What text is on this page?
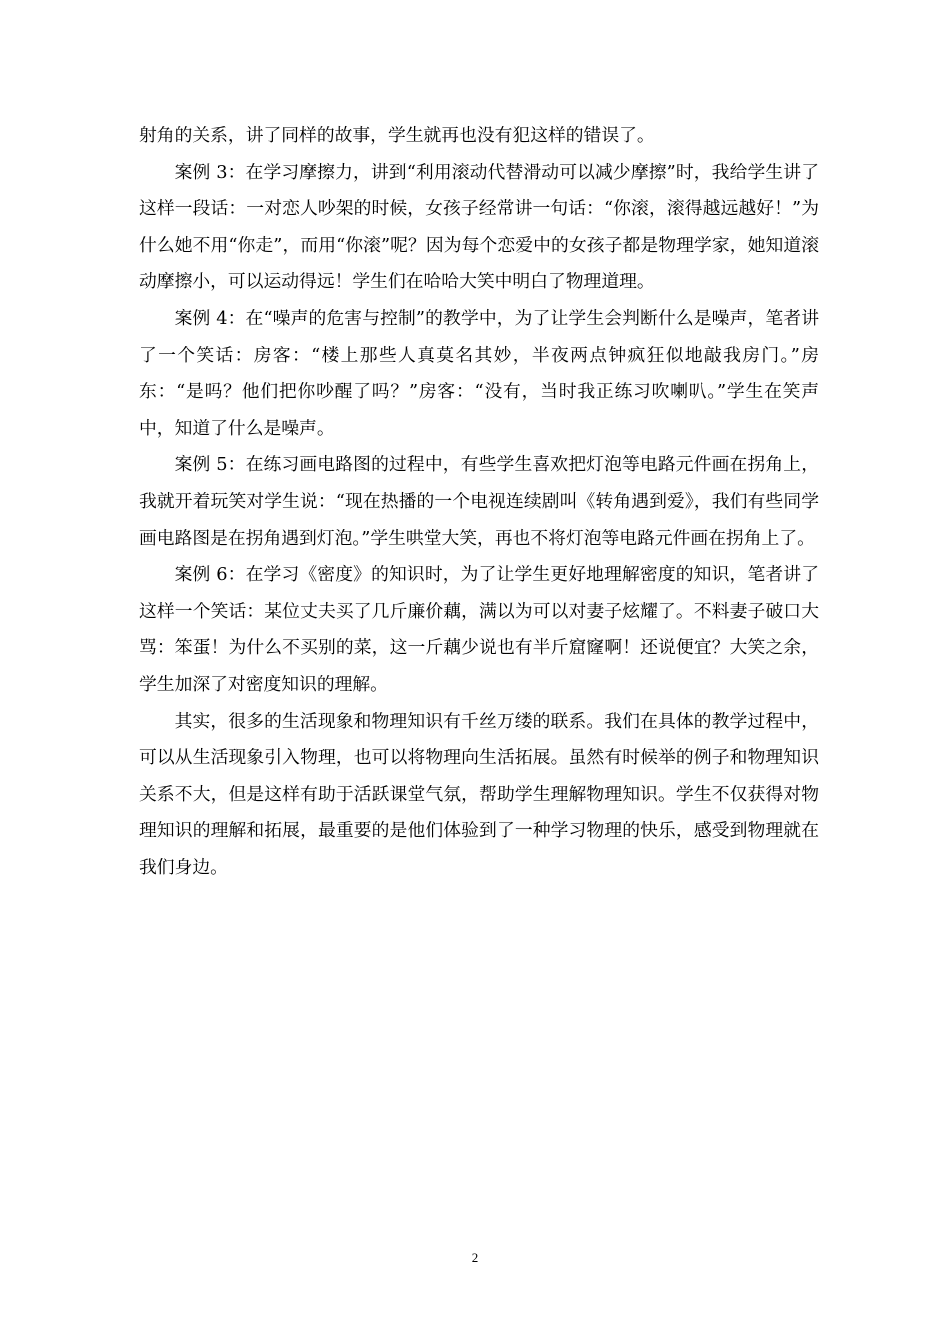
射角的关系，讲了同样的故事，学生就再也没有犯这样的错误了。

案例 3：在学习摩擦力，讲到“利用滚动代替滑动可以减少摩擦”时，我给学生讲了这样一段话：一对恋人吵架的时候，女孩子经常讲一句话：“你滚，滚得越远越好！”为什么她不用“你走”，而用“你滚”呢？因为每个恋爱中的女孩子都是物理学家，她知道滚动摩擦小，可以运动得远！学生们在哈哈大笑中明白了物理道理。

案例 4：在“噪声的危害与控制”的教学中，为了让学生会判断什么是噪声，笔者讲了一个笑话：房客：“楼上那些人真莫名其妙，半夜两点钟疯狂似地敲我房门。”房东：“是吗？他们把你吵醒了吗？”房客：“没有，当时我正练习吹喇叭。”学生在笑声中，知道了什么是噪声。

案例 5：在练习画电路图的过程中，有些学生喜欢把灯泡等电路元件画在拐角上，我就开着玩笑对学生说：“现在热播的一个电视连续剧叫《转角遇到爱》，我们有些同学画电路图是在拐角遇到灯泡。”学生哄堂大笑，再也不将灯泡等电路元件画在拐角上了。

案例 6：在学习《密度》的知识时，为了让学生更好地理解密度的知识，笔者讲了这样一个笑话：某位丈夫买了几斤廉价藕，满以为可以对妻子炫耀了。不料妻子破口大骂：笨蛋！为什么不买别的菜，这一斤藕少说也有半斤窟窿啊！还说便宜？大笑之余，学生加深了对密度知识的理解。

其实，很多的生活现象和物理知识有千丝万缕的联系。我们在具体的教学过程中，可以从生活现象引入物理，也可以将物理向生活拓展。虽然有时候举的例子和物理知识关系不大，但是这样有助于活跃课堂气氛，帮助学生理解物理知识。学生不仅获得对物理知识的理解和拓展，最重要的是他们体验到了一种学习物理的快乐，感受到物理就在我们身边。

2
